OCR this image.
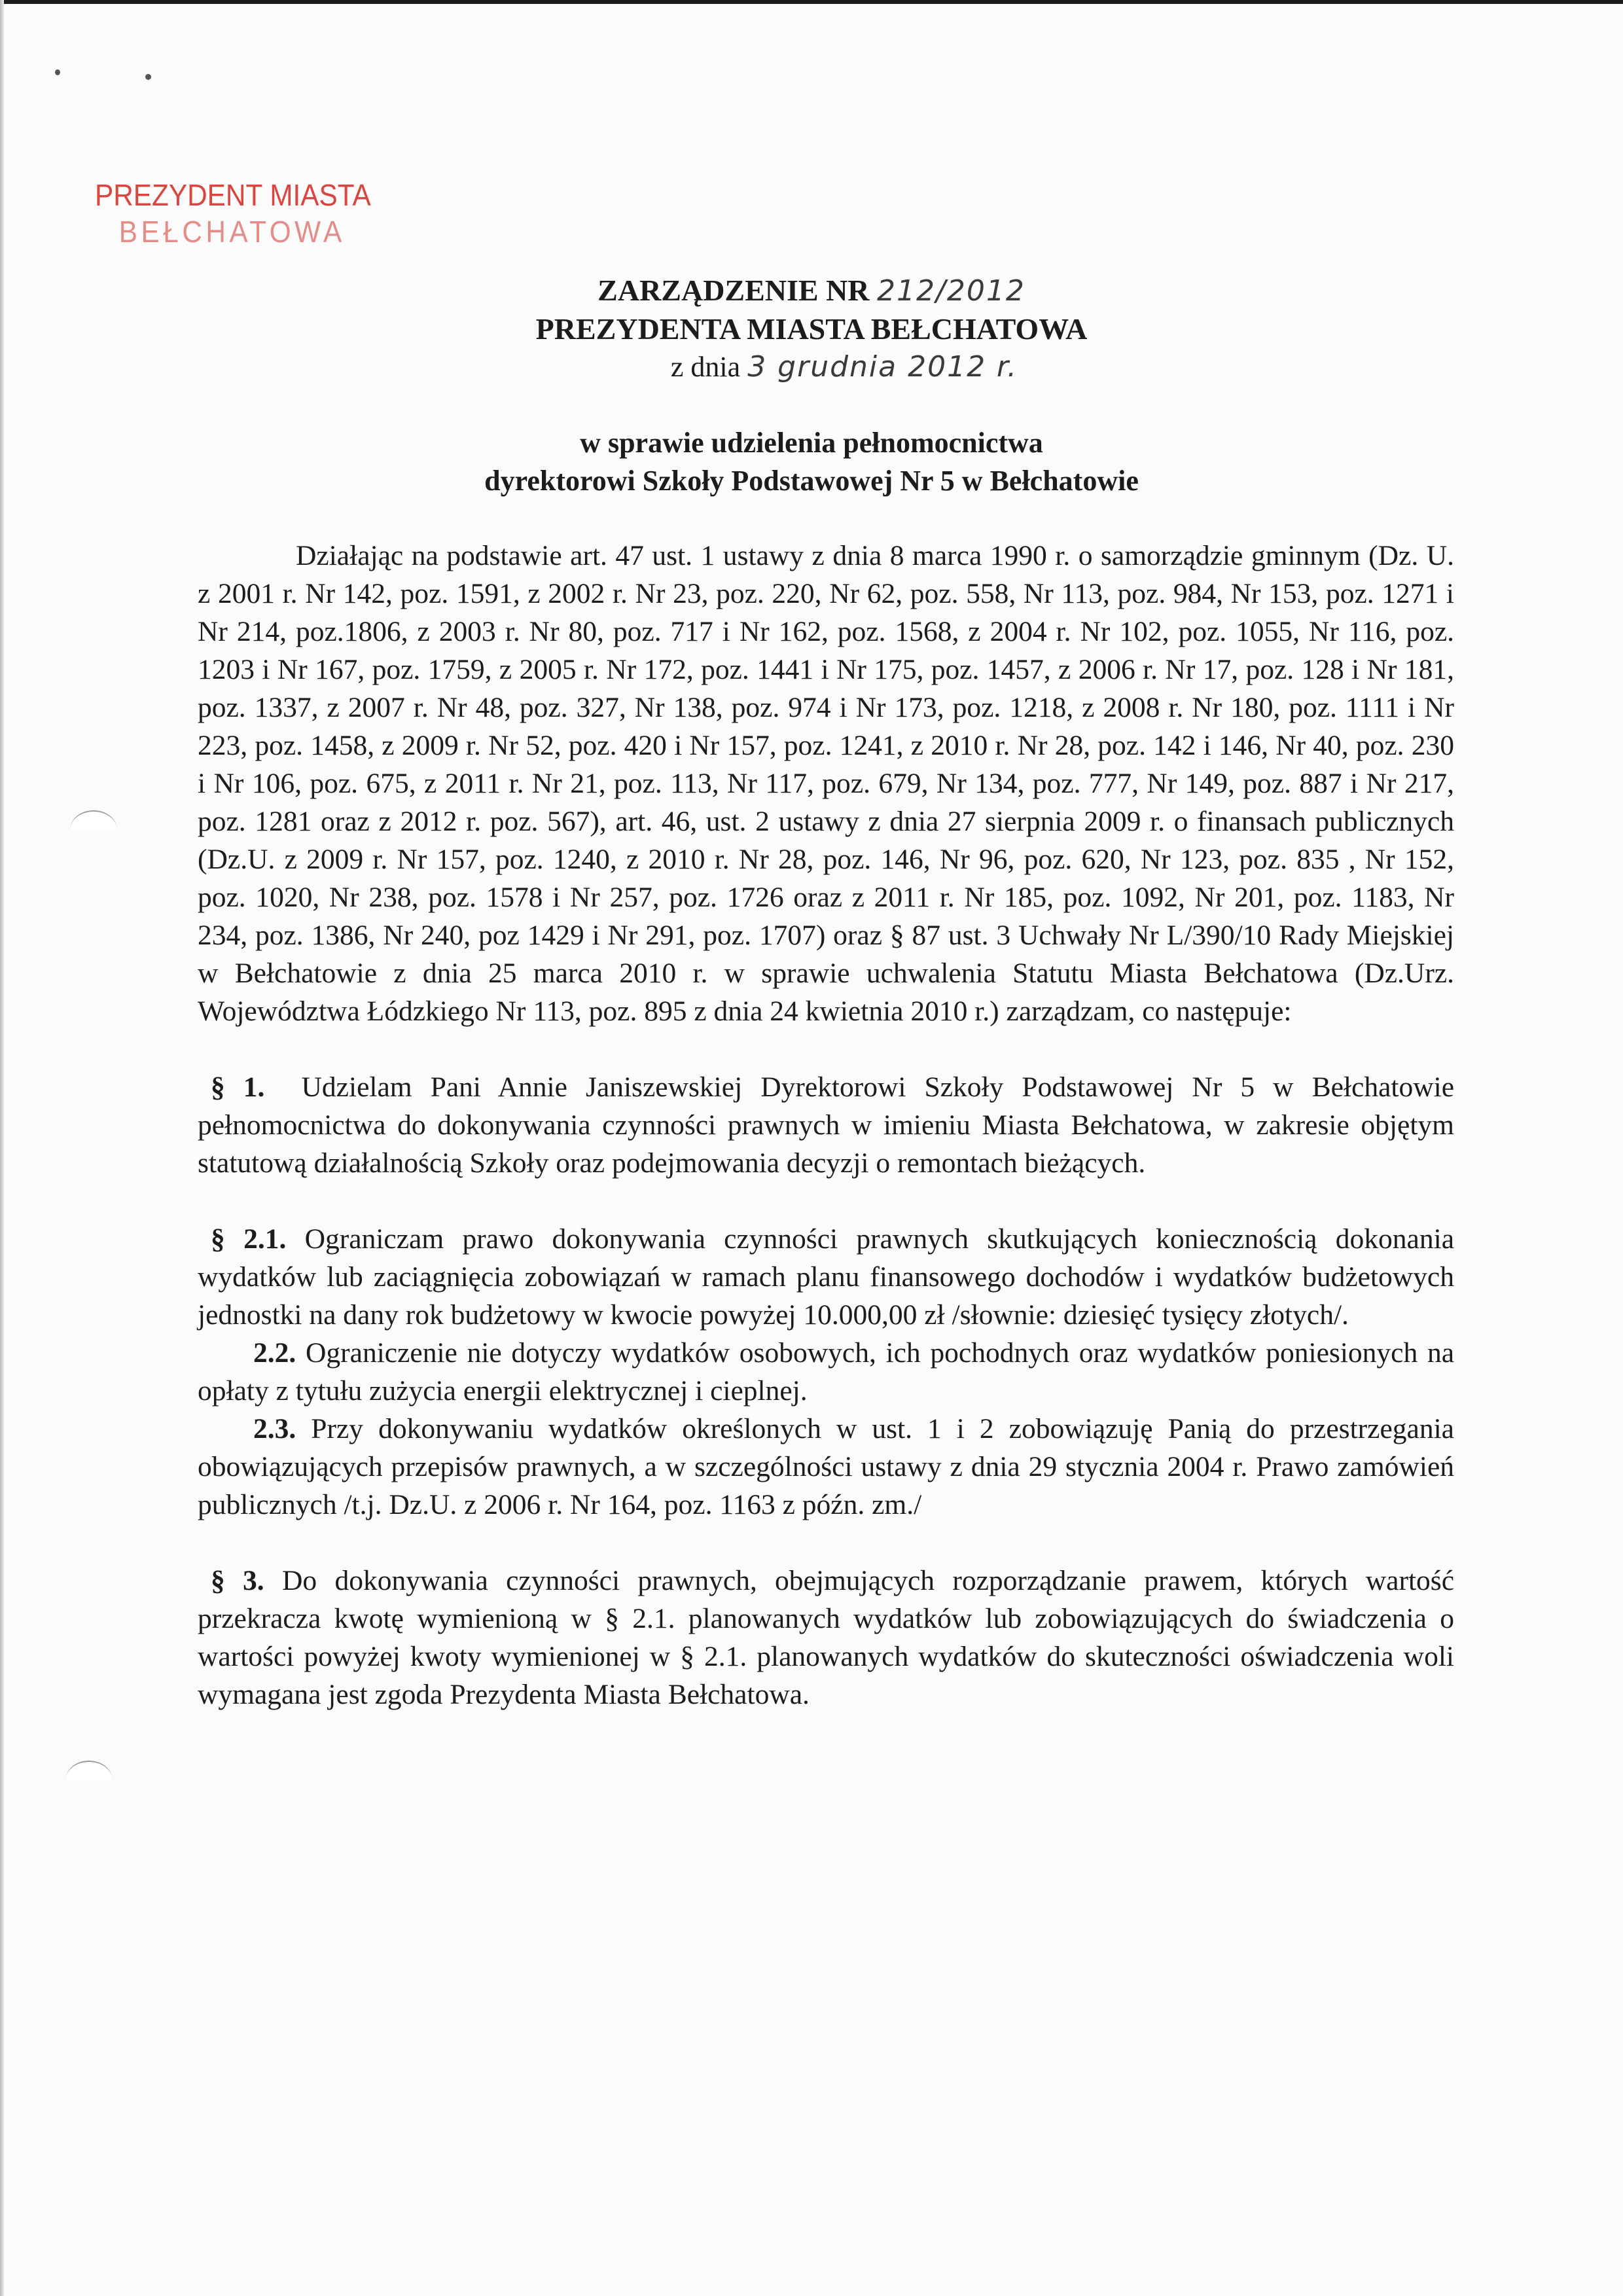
PREZYDENT MIASTA
BEŁCHATOWA
ZARZĄDZENIE NR 212/2012
PREZYDENTA MIASTA BEŁCHATOWA
z dnia 3 grudnia 2012 r.
w sprawie udzielenia pełnomocnictwa
dyrektorowi Szkoły Podstawowej Nr 5 w Bełchatowie

Działając na podstawie art. 47 ust. 1 ustawy z dnia 8 marca 1990 r. o samorządzie gminnym (Dz. U. z 2001 r. Nr 142, poz. 1591, z 2002 r. Nr 23, poz. 220, Nr 62, poz. 558, Nr 113, poz. 984, Nr 153, poz. 1271 i Nr 214, poz.1806, z 2003 r. Nr 80, poz. 717 i Nr 162, poz. 1568, z 2004 r. Nr 102, poz. 1055, Nr 116, poz. 1203 i Nr 167, poz. 1759, z 2005 r. Nr 172, poz. 1441 i Nr 175, poz. 1457, z 2006 r. Nr 17, poz. 128 i Nr 181, poz. 1337, z 2007 r. Nr 48, poz. 327, Nr 138, poz. 974 i Nr 173, poz. 1218, z 2008 r. Nr 180, poz. 1111 i Nr 223, poz. 1458, z 2009 r. Nr 52, poz. 420 i Nr 157, poz. 1241, z 2010 r. Nr 28, poz. 142 i 146, Nr 40, poz. 230 i Nr 106, poz. 675, z 2011 r. Nr 21, poz. 113, Nr 117, poz. 679, Nr 134, poz. 777, Nr 149, poz. 887 i Nr 217, poz. 1281 oraz z 2012 r. poz. 567), art. 46, ust. 2 ustawy z dnia 27 sierpnia 2009 r. o finansach publicznych (Dz.U. z 2009 r. Nr 157, poz. 1240, z 2010 r. Nr 28, poz. 146, Nr 96, poz. 620, Nr 123, poz. 835 , Nr 152, poz. 1020, Nr 238, poz. 1578 i Nr 257, poz. 1726 oraz z 2011 r. Nr 185, poz. 1092, Nr 201, poz. 1183, Nr 234, poz. 1386, Nr 240, poz 1429 i Nr 291, poz. 1707) oraz § 87 ust. 3 Uchwały Nr L/390/10 Rady Miejskiej w Bełchatowie z dnia 25 marca 2010 r. w sprawie uchwalenia Statutu Miasta Bełchatowa (Dz.Urz. Województwa Łódzkiego Nr 113, poz. 895 z dnia 24 kwietnia 2010 r.) zarządzam, co następuje:

§ 1. Udzielam Pani Annie Janiszewskiej Dyrektorowi Szkoły Podstawowej Nr 5 w Bełchatowie pełnomocnictwa do dokonywania czynności prawnych w imieniu Miasta Bełchatowa, w zakresie objętym statutową działalnością Szkoły oraz podejmowania decyzji o remontach bieżących.

§ 2.1. Ograniczam prawo dokonywania czynności prawnych skutkujących koniecznością dokonania wydatków lub zaciągnięcia zobowiązań w ramach planu finansowego dochodów i wydatków budżetowych jednostki na dany rok budżetowy w kwocie powyżej 10.000,00 zł /słownie: dziesięć tysięcy złotych/.

2.2. Ograniczenie nie dotyczy wydatków osobowych, ich pochodnych oraz wydatków poniesionych na opłaty z tytułu zużycia energii elektrycznej i cieplnej.

2.3. Przy dokonywaniu wydatków określonych w ust. 1 i 2 zobowiązuję Panią do przestrzegania obowiązujących przepisów prawnych, a w szczególności ustawy z dnia 29 stycznia 2004 r. Prawo zamówień publicznych /t.j. Dz.U. z 2006 r. Nr 164, poz. 1163 z późn. zm./

§ 3. Do dokonywania czynności prawnych, obejmujących rozporządzanie prawem, których wartość przekracza kwotę wymienioną w § 2.1. planowanych wydatków lub zobowiązujących do świadczenia o wartości powyżej kwoty wymienionej w § 2.1. planowanych wydatków do skuteczności oświadczenia woli wymagana jest zgoda Prezydenta Miasta Bełchatowa.
